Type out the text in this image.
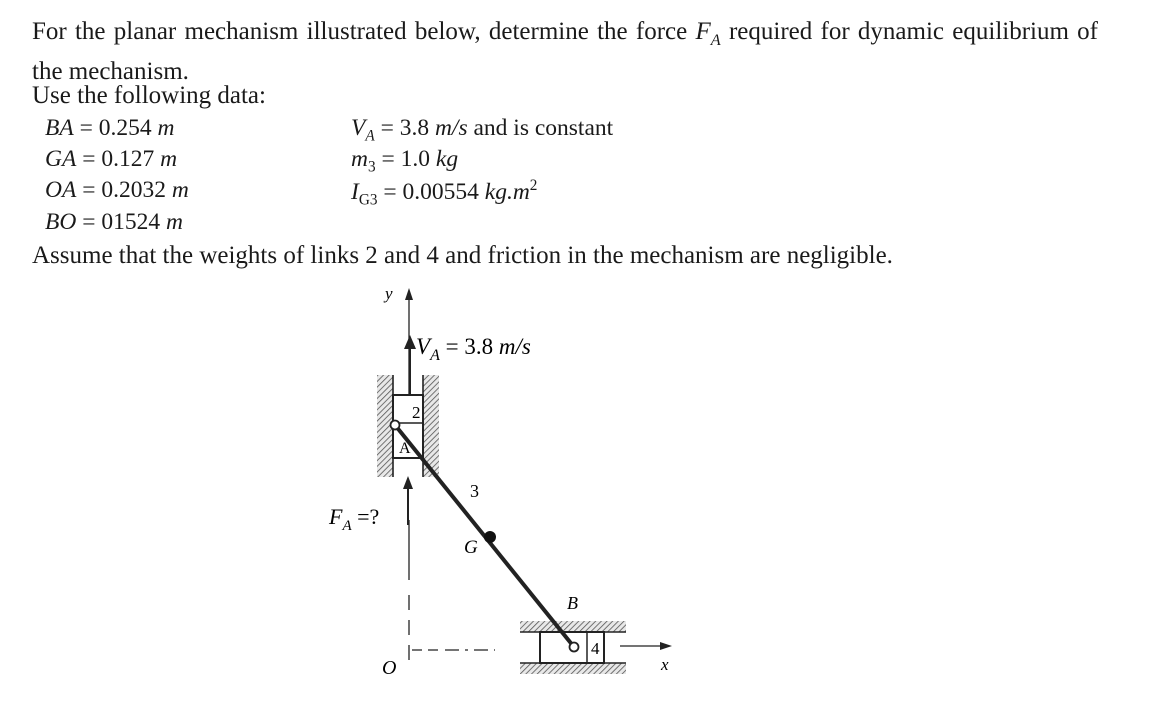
For the planar mechanism illustrated below, determine the force $F_A$ required for dynamic equilibrium of the mechanism.
Use the following data:
BA = 0.254 m
GA = 0.127 m
OA = 0.2032 m
BO = 01524 m
$V_A = 3.8$ m/s and is constant
$m_3 = 1.0$ kg
$I_{G3} = 0.00554$ $kg.m^2$
Assume that the weights of links 2 and 4 and friction in the mechanism are negligible.
y
x
O
2
A
$V_A = 3.8$ m/s
$F_A$ =?
4
3
G
B
